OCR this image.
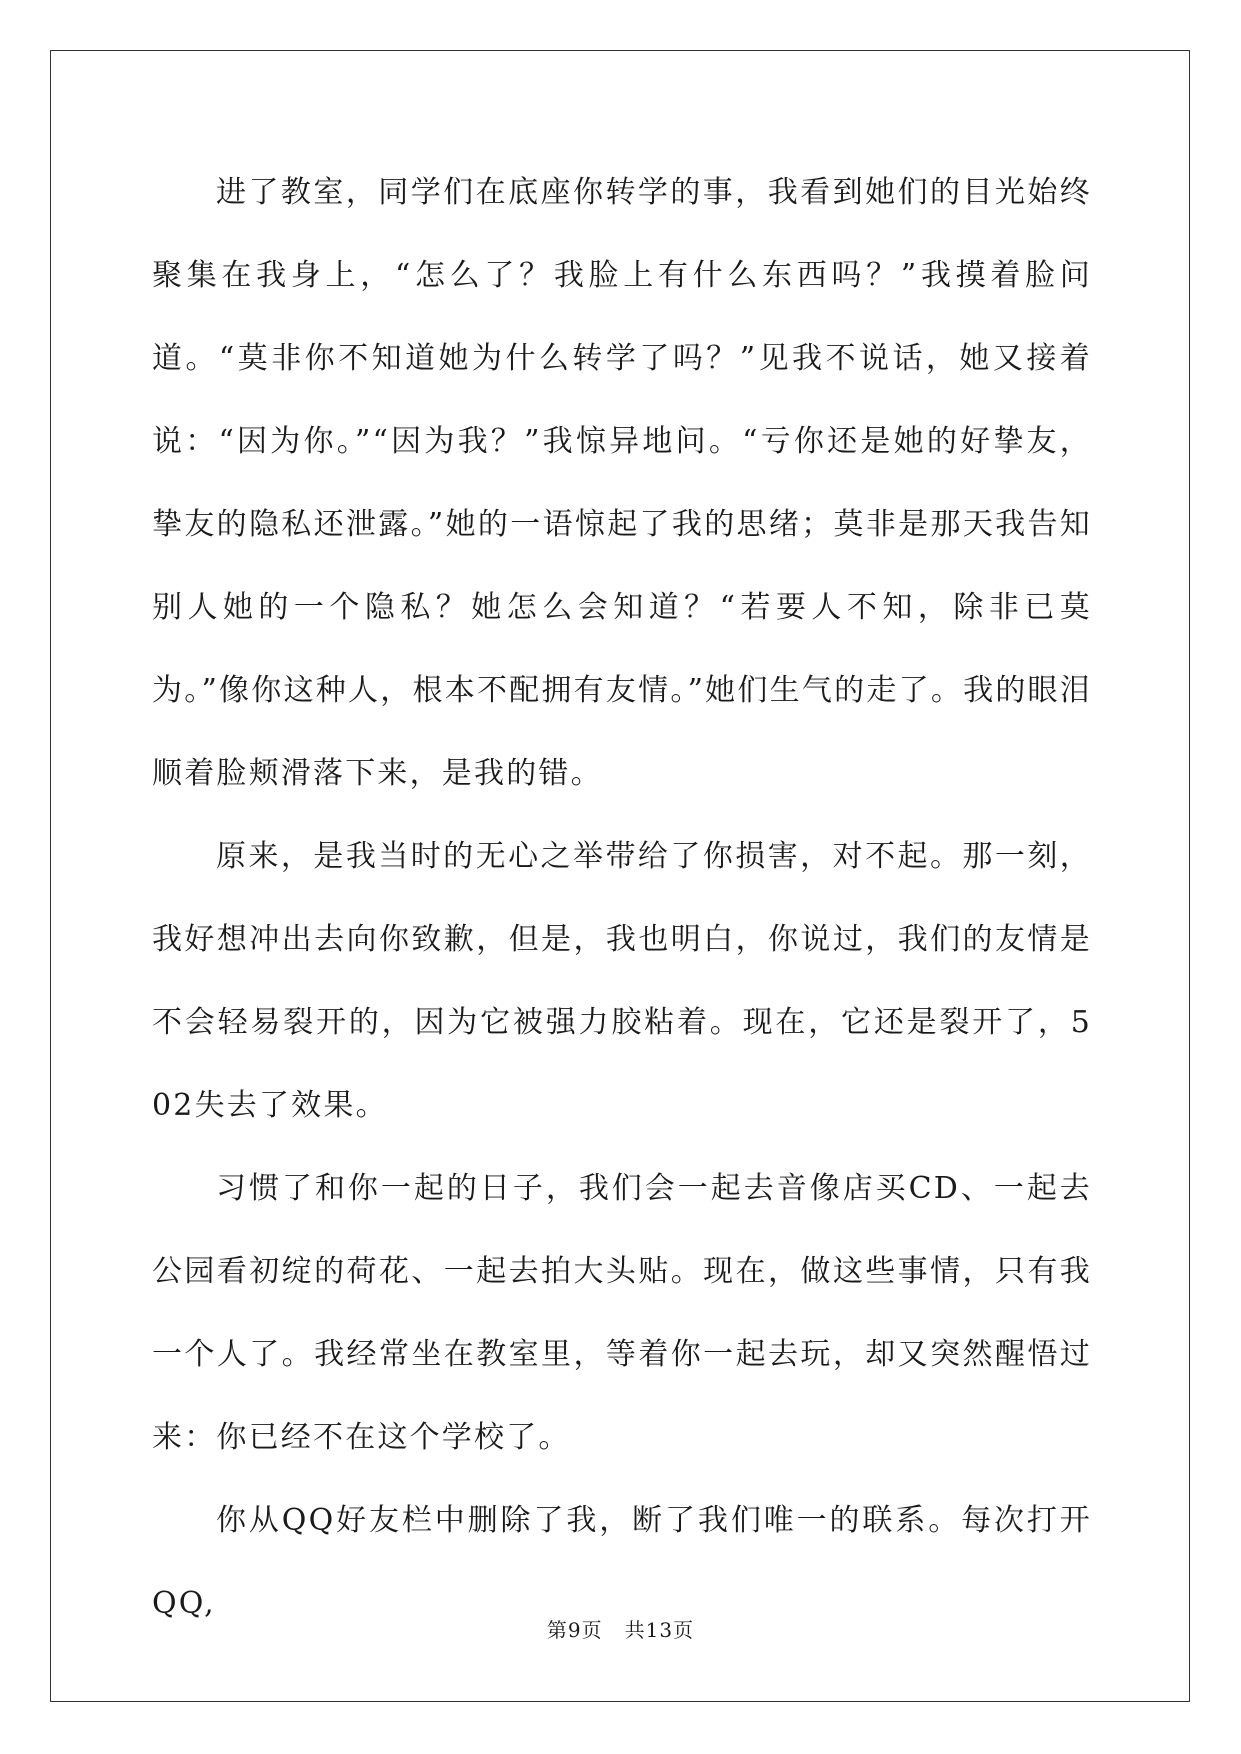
进了教室，同学们在底座你转学的事，我看到她们的目光始终聚集在我身上，“怎么了？我脸上有什么东西吗？”我摸着脸问道。“莫非你不知道她为什么转学了吗？”见我不说话，她又接着说：“因为你。”“因为我？”我惊异地问。“亏你还是她的好挚友，挚友的隐私还泄露。”她的一语惊起了我的思绪；莫非是那天我告知别人她的一个隐私？她怎么会知道？“若要人不知，除非已莫为。”像你这种人，根本不配拥有友情。”她们生气的走了。我的眼泪顺着脸颊滑落下来，是我的错。

原来，是我当时的无心之举带给了你损害，对不起。那一刻，我好想冲出去向你致歉，但是，我也明白，你说过，我们的友情是不会轻易裂开的，因为它被强力胶粘着。现在，它还是裂开了，502失去了效果。

习惯了和你一起的日子，我们会一起去音像店买CD、一起去公园看初绽的荷花、一起去拍大头贴。现在，做这些事情，只有我一个人了。我经常坐在教室里，等着你一起去玩，却又突然醒悟过来：你已经不在这个学校了。

你从QQ好友栏中删除了我，断了我们唯一的联系。每次打开QQ,

第9页 共13页
